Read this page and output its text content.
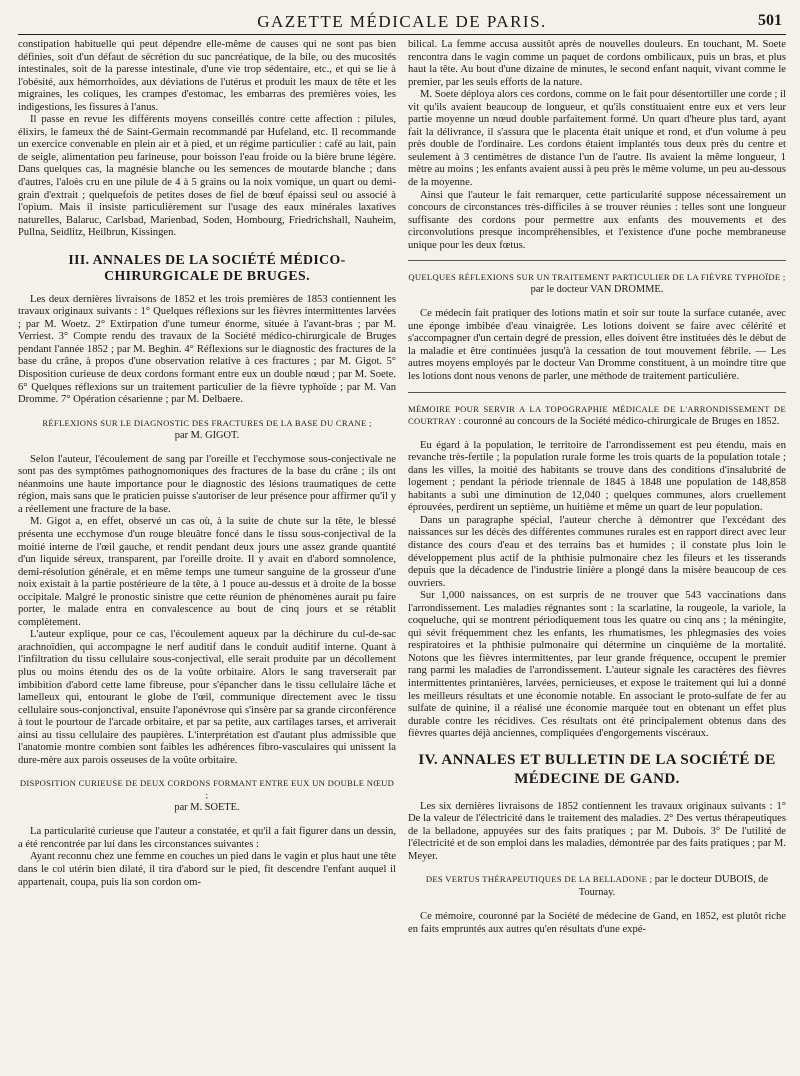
GAZETTE MÉDICALE DE PARIS.	501

constipation habituelle qui peut dépendre elle-même de causes qui ne sont pas bien définies, soit d'un défaut de sécrétion du suc pancréatique, de la bile, ou des mucosités intestinales, soit de la paresse intestinale, d'une vie trop sédentaire, etc., et qui se lie à l'obésité, aux hémorrhoïdes, aux déviations de l'utérus et produit les maux de tête et les migraines, les coliques, les crampes d'estomac, les embarras des premières voies, les indigestions, les fissures à l'anus.

Il passe en revue les différents moyens conseillés contre cette affection : pilules, élixirs, le fameux thé de Saint-Germain recommandé par Hufeland, etc. Il recommande un exercice convenable en plein air et à pied, et un régime particulier : café au lait, pain de seigle, alimentation peu farineuse, pour boisson l'eau froide ou la bière brune légère. Dans quelques cas, la magnésie blanche ou les semences de moutarde blanche ; dans d'autres, l'aloès cru en une pilule de 4 à 5 grains ou la noix vomique, un quart ou demi-grain d'extrait ; quelquefois de petites doses de fiel de bœuf épaissi seul ou associé à l'opium. Mais il insiste particulièrement sur l'usage des eaux minérales laxatives naturelles, Balaruc, Carlsbad, Marienbad, Soden, Hombourg, Friedrichshall, Nauheim, Pullna, Seidlitz, Heilbrun, Kissingen.

III. ANNALES DE LA SOCIÉTÉ MÉDICO-CHIRURGICALE DE BRUGES.

Les deux dernières livraisons de 1852 et les trois premières de 1853 contiennent les travaux originaux suivants : 1° Quelques réflexions sur les fièvres intermittentes larvées ; par M. Woetz. 2° Extirpation d'une tumeur énorme, située à l'avant-bras ; par M. Verriest. 3° Compte rendu des travaux de la Société médico-chirurgicale de Bruges pendant l'année 1852 ; par M. Beghin. 4° Réflexions sur le diagnostic des fractures de la base du crâne, à propos d'une observation relative à ces fractures ; par M. Gigot. 5° Disposition curieuse de deux cordons formant entre eux un double nœud ; par M. Soete. 6° Quelques réflexions sur un traitement particulier de la fièvre typhoïde ; par M. Van Dromme. 7° Opération césarienne ; par M. Delbaere.

RÉFLEXIONS SUR LE DIAGNOSTIC DES FRACTURES DE LA BASE DU CRANE ;
par M. GIGOT.

Selon l'auteur, l'écoulement de sang par l'oreille et l'ecchymose sous-conjectivale ne sont pas des symptômes pathognomoniques des fractures de la base du crâne ; ils ont néanmoins une haute importance pour le diagnostic des lésions traumatiques de cette région, mais sans que le praticien puisse s'autoriser de leur présence pour affirmer qu'il y a réellement une fracture de la base.

M. Gigot a, en effet, observé un cas où, à la suite de chute sur la tête, le blessé présenta une ecchymose d'un rouge bleuâtre foncé dans le tissu sous-conjectival de la moitié interne de l'œil gauche, et rendit pendant deux jours une assez grande quantité d'un liquide séreux, transparent, par l'oreille droite. Il y avait en d'abord somnolence, demi-résolution générale, et en même temps une tumeur sanguine de la grosseur d'une noix existait à la partie postérieure de la tête, à 1 pouce au-dessus et à droite de la bosse occipitale. Malgré le pronostic sinistre que cette réunion de phénomènes aurait pu faire porter, le malade entra en convalescence au bout de cinq jours et se rétablit complètement.

L'auteur explique, pour ce cas, l'écoulement aqueux par la déchirure du cul-de-sac arachnoïdien, qui accompagne le nerf auditif dans le conduit auditif interne. Quant à l'infiltration du tissu cellulaire sous-conjectival, elle serait produite par un décollement plus ou moins étendu des os de la voûte orbitaire. Alors le sang traverserait par imbibition d'abord cette lame fibreuse, pour s'épancher dans le tissu cellulaire lâche et lamelleux qui, entourant le globe de l'œil, communique directement avec le tissu cellulaire sous-conjonctival, ensuite l'aponévrose qui s'insère par sa grande circonférence à tout le pourtour de l'arcade orbitaire, et par sa petite, aux cartilages tarses, et arriverait ainsi au tissu cellulaire des paupières. L'interprétation est d'autant plus admissible que l'anatomie montre combien sont faibles les adhérences fibro-vasculaires qui unissent la dure-mère aux parois osseuses de la voûte orbitaire.

DISPOSITION CURIEUSE DE DEUX CORDONS FORMANT ENTRE EUX UN DOUBLE NŒUD ;
par M. SOETE.

La particularité curieuse que l'auteur a constatée, et qu'il a fait figurer dans un dessin, a été rencontrée par lui dans les circonstances suivantes :

Ayant reconnu chez une femme en couches un pied dans le vagin et plus haut une tête dans le col utérin bien dilaté, il tira d'abord sur le pied, fit descendre l'enfant auquel il appartenait, coupa, puis lia son cordon om-

bilical. La femme accusa aussitôt après de nouvelles douleurs. En touchant, M. Soete rencontra dans le vagin comme un paquet de cordons ombilicaux, puis un bras, et plus haut la tête. Au bout d'une dizaine de minutes, le second enfant naquit, vivant comme le premier, par les seuls efforts de la nature.

M. Soete déploya alors ces cordons, comme on le fait pour désentortiller une corde ; il vit qu'ils avaient beaucoup de longueur, et qu'ils constituaient entre eux et vers leur partie moyenne un nœud double parfaitement formé. Un quart d'heure plus tard, ayant fait la délivrance, il s'assura que le placenta était unique et rond, et d'un volume à peu près double de l'ordinaire. Les cordons étaient implantés tous deux près du centre et seulement à 3 centimètres de distance l'un de l'autre. Ils avaient la même longueur, 1 mètre au moins ; les enfants avaient aussi à peu près le même volume, un peu au-dessous de la moyenne.

Ainsi que l'auteur le fait remarquer, cette particularité suppose nécessairement un concours de circonstances très-difficiles à se trouver réunies : telles sont une longueur suffisante des cordons pour permettre aux enfants des mouvements et des circonvolutions presque incompréhensibles, et l'existence d'une poche membraneuse unique pour les deux fœtus.

QUELQUES RÉFLEXIONS SUR UN TRAITEMENT PARTICULIER DE LA FIÈVRE TYPHOÏDE ; par le docteur VAN DROMME.

Ce médecin fait pratiquer des lotions matin et soir sur toute la surface cutanée, avec une éponge imbibée d'eau vinaigrée. Les lotions doivent se faire avec célérité et s'accompagner d'un certain degré de pression, elles doivent être instituées dès le début de la maladie et être continuées jusqu'à la cessation de tout mouvement fébrile. — Les autres moyens employés par le docteur Van Dromme constituent, à un moindre titre que les lotions dont nous venons de parler, une méthode de traitement particulière.

MÉMOIRE POUR SERVIR A LA TOPOGRAPHIE MÉDICALE DE L'ARRONDISSEMENT DE COURTRAY : couronné au concours de la Société médico-chirurgicale de Bruges en 1852.

Eu égard à la population, le territoire de l'arrondissement est peu étendu, mais en revanche très-fertile ; la population rurale forme les trois quarts de la population totale ; dans les villes, la moitié des habitants se trouve dans des conditions d'insalubrité de logement ; pendant la période triennale de 1845 à 1848 une population de 148,858 habitants a subi une diminution de 12,040 ; quelques communes, alors cruellement éprouvées, perdirent un septième, un huitième et même un quart de leur population.

Dans un paragraphe spécial, l'auteur cherche à démontrer que l'excédant des naissances sur les décès des différentes communes rurales est en rapport direct avec leur distance des cours d'eau et des terrains bas et humides ; il constate plus loin le développement plus actif de la phthisie pulmonaire chez les fileurs et les tisserands depuis que la décadence de l'industrie linière a plongé dans la misère beaucoup de ces ouvriers.

Sur 1,000 naissances, on est surpris de ne trouver que 543 vaccinations dans l'arrondissement. Les maladies régnantes sont : la scarlatine, la rougeole, la variole, la coqueluche, qui se montrent périodiquement tous les quatre ou cinq ans ; la méningite, qui sévit fréquemment chez les enfants, les rhumatismes, les phlegmasies des voies respiratoires et la phthisie pulmonaire qui détermine un cinquième de la mortalité. Notons que les fièvres intermittentes, par leur grande fréquence, occupent le premier rang parmi les maladies de l'arrondissement. L'auteur signale les caractères des fièvres intermittentes printanières, larvées, pernicieuses, et expose le traitement qui lui a donné les meilleurs résultats et une économie notable. En associant le proto-sulfate de fer au sulfate de quinine, il a réalisé une économie marquée tout en obtenant un effet plus durable contre les récidives. Ces résultats ont été principalement obtenus dans des fièvres quartes déjà anciennes, compliquées d'engorgements viscéraux.

IV. ANNALES ET BULLETIN DE LA SOCIÉTÉ DE MÉDECINE DE GAND.

Les six dernières livraisons de 1852 contiennent les travaux originaux suivants : 1° De la valeur de l'électricité dans le traitement des maladies. 2° Des vertus thérapeutiques de la belladone, appuyées sur des faits pratiques ; par M. Dubois. 3° De l'utilité de l'électricité et de son emploi dans les maladies, démontrée par des faits pratiques ; par M. Meyer.

DES VERTUS THÉRAPEUTIQUES DE LA BELLADONE ; par le docteur DUBOIS, de Tournay.

Ce mémoire, couronné par la Société de médecine de Gand, en 1852, est plutôt riche en faits empruntés aux autres qu'en résultats d'une expé-
